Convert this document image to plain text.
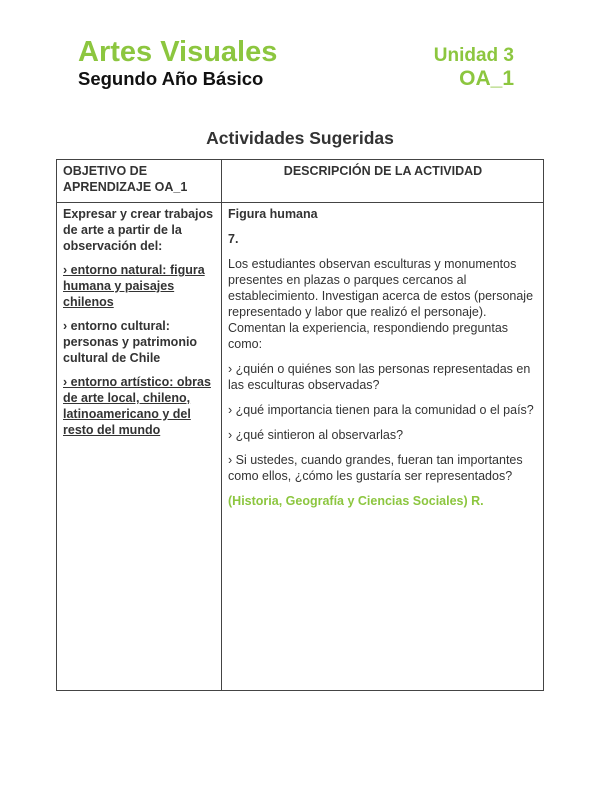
Artes Visuales
Segundo Año Básico
Unidad 3
OA_1
Actividades Sugeridas
OBJETIVO DE APRENDIZAJE OA_1
DESCRIPCIÓN DE LA ACTIVIDAD

Expresar y crear trabajos de arte a partir de la observación del:

› entorno natural: figura humana y paisajes chilenos

› entorno cultural: personas y patrimonio cultural de Chile

› entorno artístico: obras de arte local, chileno, latinoamericano y del resto del mundo

Figura humana

7.

Los estudiantes observan esculturas y monumentos presentes en plazas o parques cercanos al establecimiento. Investigan acerca de estos (personaje representado y labor que realizó el personaje). Comentan la experiencia, respondiendo preguntas como:

› ¿quién o quiénes son las personas representadas en las esculturas observadas?

› ¿qué importancia tienen para la comunidad o el país?

› ¿qué sintieron al observarlas?

› Si ustedes, cuando grandes, fueran tan importantes como ellos, ¿cómo les gustaría ser representados?

(Historia, Geografía y Ciencias Sociales) R.
